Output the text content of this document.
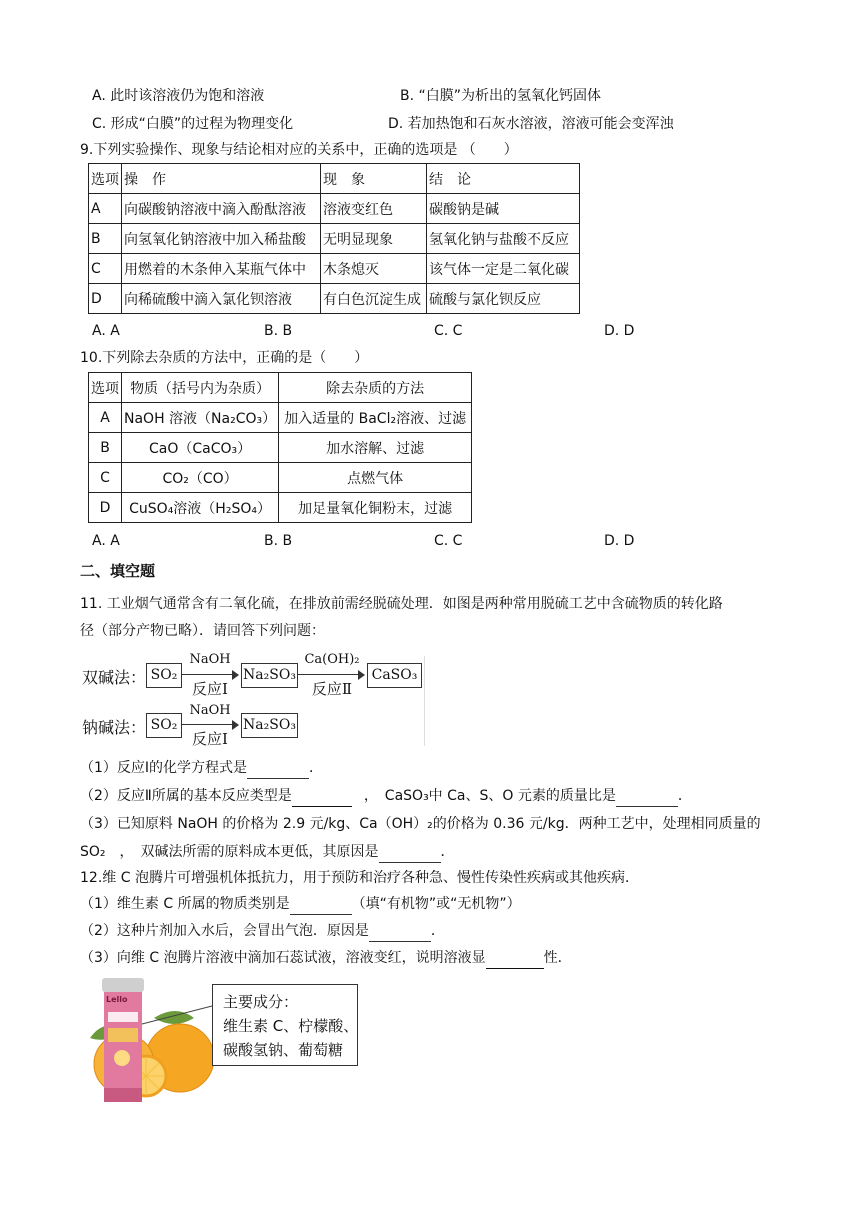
A. 此时该溶液仍为饱和溶液	B. “白膜”为析出的氢氧化钙固体
C. 形成“白膜”的过程为物理变化	D. 若加热饱和石灰水溶液，溶液可能会变浑浊
9.下列实验操作、现象与结论相对应的关系中，正确的选项是 （　　）
选项	操　作	现　象	结　论
A	向碳酸钠溶液中滴入酚酞溶液	溶液变红色	碳酸钠是碱
B	向氢氧化钠溶液中加入稀盐酸	无明显现象	氢氧化钠与盐酸不反应
C	用燃着的木条伸入某瓶气体中	木条熄灭	该气体一定是二氧化碳
D	向稀硫酸中滴入氯化钡溶液	有白色沉淀生成	硫酸与氯化钡反应
A. A	B. B	C. C	D. D
10.下列除去杂质的方法中，正确的是（　　）
选项	物质（括号内为杂质）	除去杂质的方法
A	NaOH 溶液（Na₂CO₃）	加入适量的 BaCl₂溶液、过滤
B	CaO（CaCO₃）	加水溶解、过滤
C	CO₂（CO）	点燃气体
D	CuSO₄溶液（H₂SO₄）	加足量氧化铜粉末，过滤
A. A	B. B	C. C	D. D
二、填空题
11. 工业烟气通常含有二氧化硫，在排放前需经脱硫处理．如图是两种常用脱硫工艺中含硫物质的转化路
径（部分产物已略）．请回答下列问题：
双碱法： SO₂
NaOH
反应Ⅰ
Na₂SO₃
Ca(OH)₂
反应Ⅱ
CaSO₃
钠碱法： SO₂
NaOH
反应Ⅰ
Na₂SO₃
（1）反应Ⅰ的化学方程式是	．
（2）反应Ⅱ所属的基本反应类型是	，　CaSO₃中 Ca、S、O 元素的质量比是	．
（3）已知原料 NaOH 的价格为 2.9 元/kg、Ca（OH）₂的价格为 0.36 元/kg．两种工艺中，处理相同质量的
SO₂　，　双碱法所需的原料成本更低，其原因是	．
12.维 C 泡腾片可增强机体抵抗力，用于预防和治疗各种急、慢性传染性疾病或其他疾病．
（1）维生素 C 所属的物质类别是	（填“有机物”或“无机物”）
（2）这种片剂加入水后，会冒出气泡．原因是	．
（3）向维 C 泡腾片溶液中滴加石蕊试液，溶液变红，说明溶液显	性．
Lello	主要成分：
维生素 C、柠檬酸、
碳酸氢钠、葡萄糖
